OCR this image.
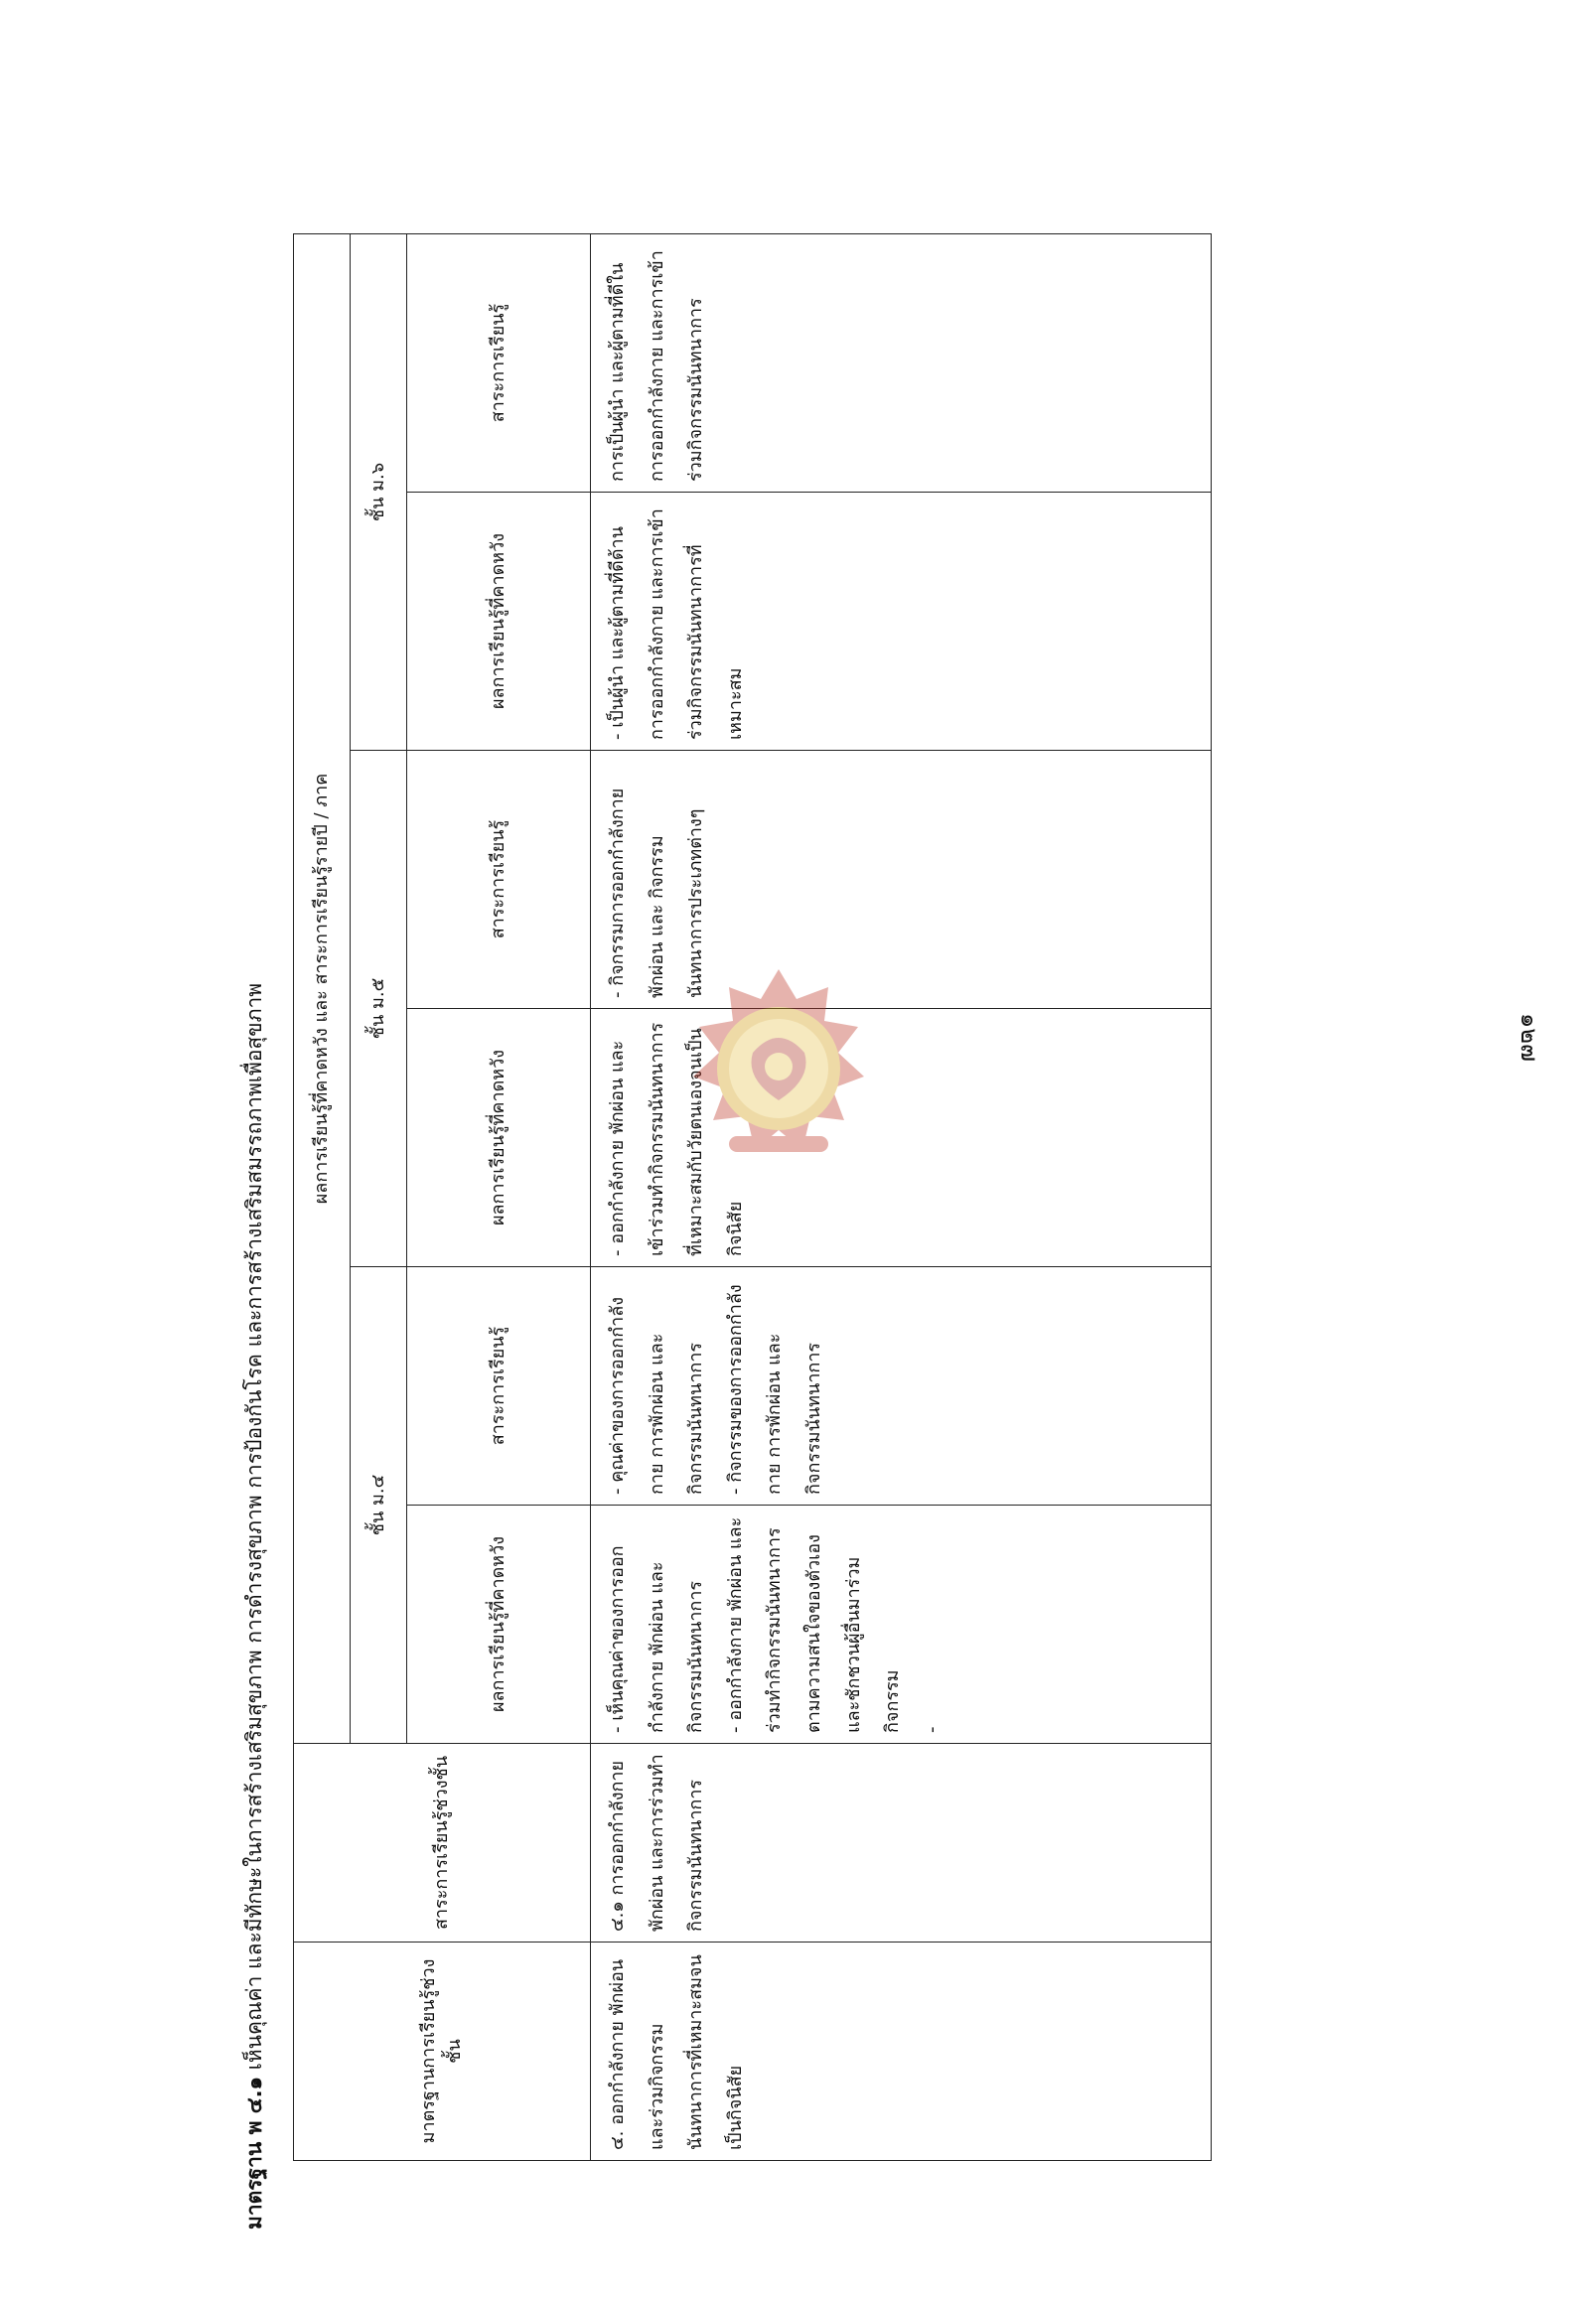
๑๒๗
มาตรฐาน พ ๔.๑ เห็นคุณค่า และมีทักษะในการสร้างเสริมสุขภาพ การดำรงสุขภาพ การป้องกันโรค และการสร้างเสริมสมรรถภาพเพื่อสุขภาพ	มาตรฐานการเรียนรู้ช่วงชั้น	สาระการเรียนรู้ช่วงชั้น	ผลการเรียนรู้ที่คาดหวัง และ สาระการเรียนรู้รายปี / ภาค					
		ชั้น ม.๔		ชั้น ม.๕		ชั้น ม.๖	
		ผลการเรียนรู้ที่คาดหวัง	สาระการเรียนรู้	ผลการเรียนรู้ที่คาดหวัง	สาระการเรียนรู้	ผลการเรียนรู้ที่คาดหวัง	สาระการเรียนรู้
๔. ออกกำลังกาย พักผ่อน และร่วมกิจกรรมนันทนาการที่เหมาะสมจนเป็นกิจนิสัย	๔.๑ การออกกำลังกาย พักผ่อน และการร่วมทำกิจกรรมนันทนาการ	- เห็นคุณค่าของการออกกำลังกาย พักผ่อน และ กิจกรรมนันทนาการ - ออกกำลังกาย พักผ่อน และร่วมทำกิจกรรมนันทนาการตามความสนใจของตัวเอง และชักชวนผู้อื่นมาร่วมกิจกรรม -	- คุณค่าของการออกกำลังกาย การพักผ่อน และ กิจกรรมนันทนาการ - กิจกรรมของการออกกำลังกาย การพักผ่อน และกิจกรรมนันทนาการ	- ออกกำลังกาย พักผ่อน และเข้าร่วมทำกิจกรรมนันทนาการที่เหมาะสมกับวัยตนเองจนเป็นกิจนิสัย	- กิจกรรมการออกกำลังกาย พักผ่อน และ กิจกรรมนันทนาการประเภทต่างๆ	- เป็นผู้นำ และผู้ตามที่ดีด้านการออกกำลังกาย และการเข้าร่วมกิจกรรมนันทนาการที่เหมาะสม	การเป็นผู้นำ และผู้ตามที่ดีในการออกกำลังกาย และการเข้าร่วมกิจกรรมนันทนาการ
